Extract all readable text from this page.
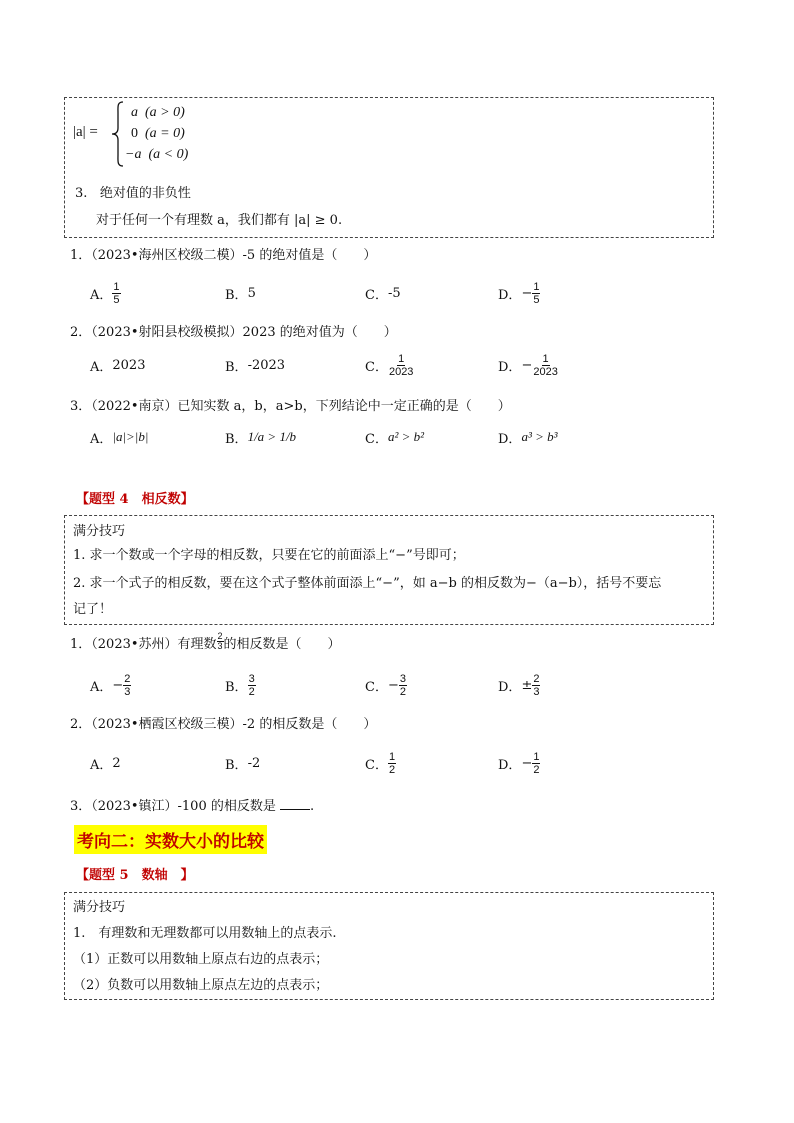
|a| =
a (a > 0)
0 (a = 0)
−a (a < 0)
3. 绝对值的非负性
对于任何一个有理数 a，我们都有 |a| ≥ 0.
1．（2023•海州区校级二模）-5 的绝对值是（　　）
A． $\frac{1}{5}$	B． 5	C． -5	D． − $\frac{1}{5}$
2．（2023•射阳县校级模拟）2023 的绝对值为（　　）
A． 2023	B． -2023	C． $\frac{1}{2023}$	D． − $\frac{1}{2023}$
3．（2022•南京）已知实数 a，b，a>b，下列结论中一定正确的是（　　）
A． |a|>|b|	B． 1/a > 1/b	C． a² > b²	D． a³ > b³
【题型 4　相反数】
满分技巧
1. 求一个数或一个字母的相反数，只要在它的前面添上“−”号即可；
2. 求一个式子的相反数，要在这个式子整体前面添上“−”，如 a−b 的相反数为−（a−b），括号不要忘
记了！
1．（2023•苏州）有理数 $\frac{2}{3}$ 的相反数是（　　）
A． − $\frac{2}{3}$	B． $\frac{3}{2}$	C． − $\frac{3}{2}$	D． ± $\frac{2}{3}$
2．（2023•栖霞区校级三模）-2 的相反数是（　　）
A． 2	B． -2	C． $\frac{1}{2}$	D． − $\frac{1}{2}$
3．（2023•镇江）-100 的相反数是	.
考向二：实数大小的比较
【题型 5　数轴　】
满分技巧
1.　有理数和无理数都可以用数轴上的点表示.
（1）正数可以用数轴上原点右边的点表示；
（2）负数可以用数轴上原点左边的点表示；
